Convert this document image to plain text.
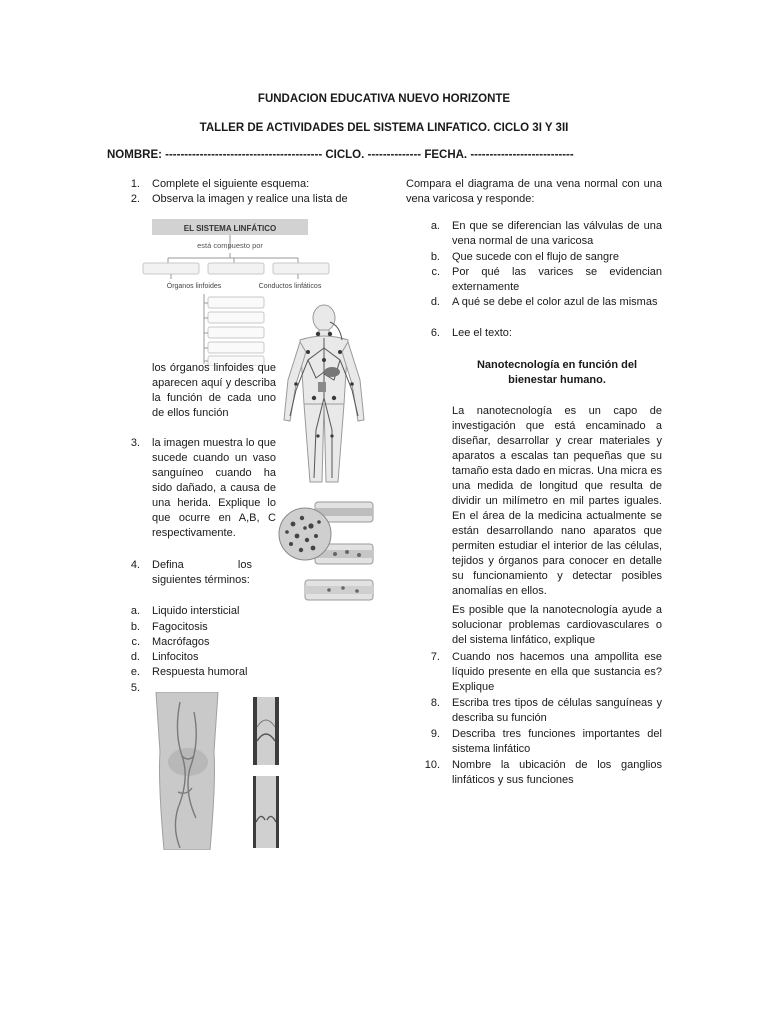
FUNDACION EDUCATIVA NUEVO HORIZONTE
TALLER DE ACTIVIDADES DEL SISTEMA LINFATICO. CICLO 3I Y 3II
NOMBRE: ----------------------------------------- CICLO. -------------- FECHA. ---------------------------
1. Complete el siguiente esquema:
2. Observa la imagen y realice una lista de
EL SISTEMA LINFÁTICO
está compuesto por
Órganos linfoides	Conductos linfáticos
los órganos linfoides que aparecen aquí y describa la función de cada uno de ellos función
3. la imagen muestra lo que sucede cuando un vaso sanguíneo cuando ha sido dañado, a causa de una herida. Explique lo que ocurre en A,B, C respectivamente.
4. Defina los siguientes términos:
a. Liquido intersticial
b. Fagocitosis
c. Macrófagos
d. Linfocitos
e. Respuesta humoral
5.
Compara el diagrama de una vena normal con una vena varicosa y responde:
a. En que se diferencian las válvulas de una vena normal de una varicosa
b. Que sucede con el flujo de sangre
c. Por qué las varices se evidencian externamente
d. A qué se debe el color azul de las mismas
6. Lee el texto:
Nanotecnología en función del
bienestar humano.
La nanotecnología es un capo de investigación que está encaminado a diseñar, desarrollar y crear materiales y aparatos a escalas tan pequeñas que su tamaño esta dado en micras. Una micra es una medida de longitud que resulta de dividir un milímetro en mil partes iguales. En el área de la medicina actualmente se están desarrollando nano aparatos que permiten estudiar el interior de las células, tejidos y órganos para conocer en detalle su funcionamiento y detectar posibles anomalías en ellos.
Es posible que la nanotecnología ayude a solucionar problemas cardiovasculares o del sistema linfático, explique
7. Cuando nos hacemos una ampollita ese líquido presente en ella que sustancia es? Explique
8. Escriba tres tipos de células sanguíneas y describa su función
9. Describa tres funciones importantes del sistema linfático
10. Nombre la ubicación de los ganglios linfáticos y sus funciones
